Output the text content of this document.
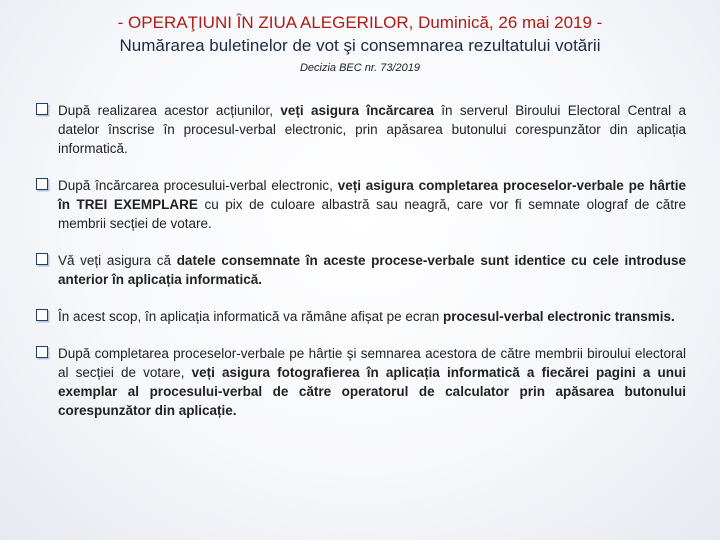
- OPERAŢIUNI ÎN ZIUA ALEGERILOR, Duminică, 26 mai 2019 -
Numărarea buletinelor de vot şi consemnarea rezultatului votării
Decizia BEC nr. 73/2019
După realizarea acestor acțiunilor, veți asigura încărcarea în serverul Biroului Electoral Central a datelor înscrise în procesul-verbal electronic, prin apăsarea butonului corespunzător din aplicația informatică.
După încărcarea procesului-verbal electronic, veți asigura completarea proceselor-verbale pe hârtie în TREI EXEMPLARE cu pix de culoare albastră sau neagră, care vor fi semnate olograf de către membrii secției de votare.
Vă veți asigura că datele consemnate în aceste procese-verbale sunt identice cu cele introduse anterior în aplicația informatică.
În acest scop, în aplicația informatică va rămâne afișat pe ecran procesul-verbal electronic transmis.
După completarea proceselor-verbale pe hârtie și semnarea acestora de către membrii biroului electoral al secției de votare, veți asigura fotografierea în aplicația informatică a fiecărei pagini a unui exemplar al procesului-verbal de către operatorul de calculator prin apăsarea butonului corespunzător din aplicație.
